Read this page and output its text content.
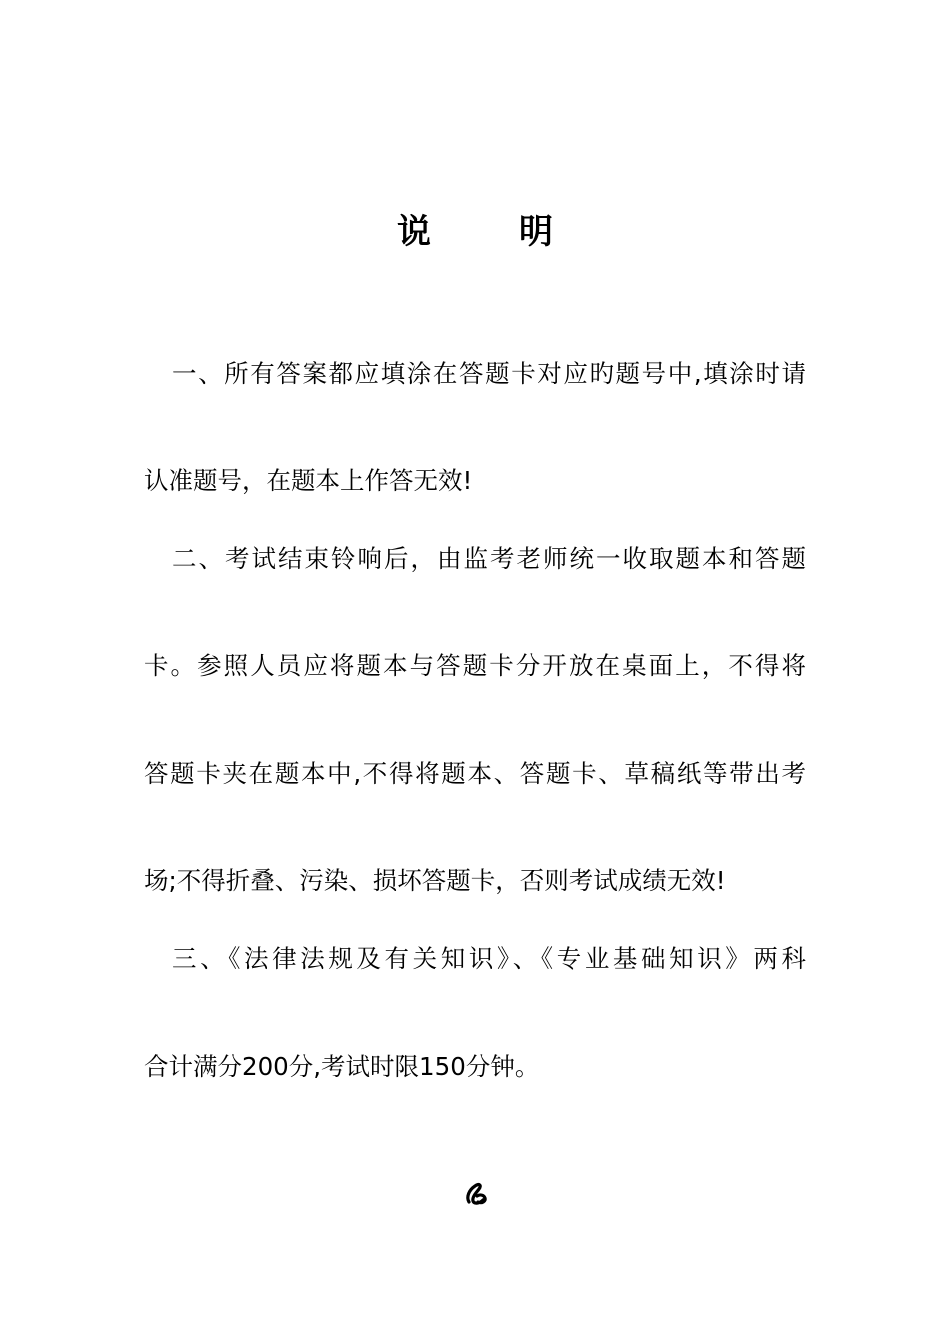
说	明
一、所有答案都应填涂在答题卡对应旳题号中,填涂时请
认准题号，在题本上作答无效!
二、考试结束铃响后，由监考老师统一收取题本和答题
卡。参照人员应将题本与答题卡分开放在桌面上，不得将
答题卡夹在题本中,不得将题本、答题卡、草稿纸等带出考
场;不得折叠、污染、损坏答题卡，否则考试成绩无效!
三、《法律法规及有关知识》、《专业基础知识》两科
合计满分200分,考试时限150分钟。
